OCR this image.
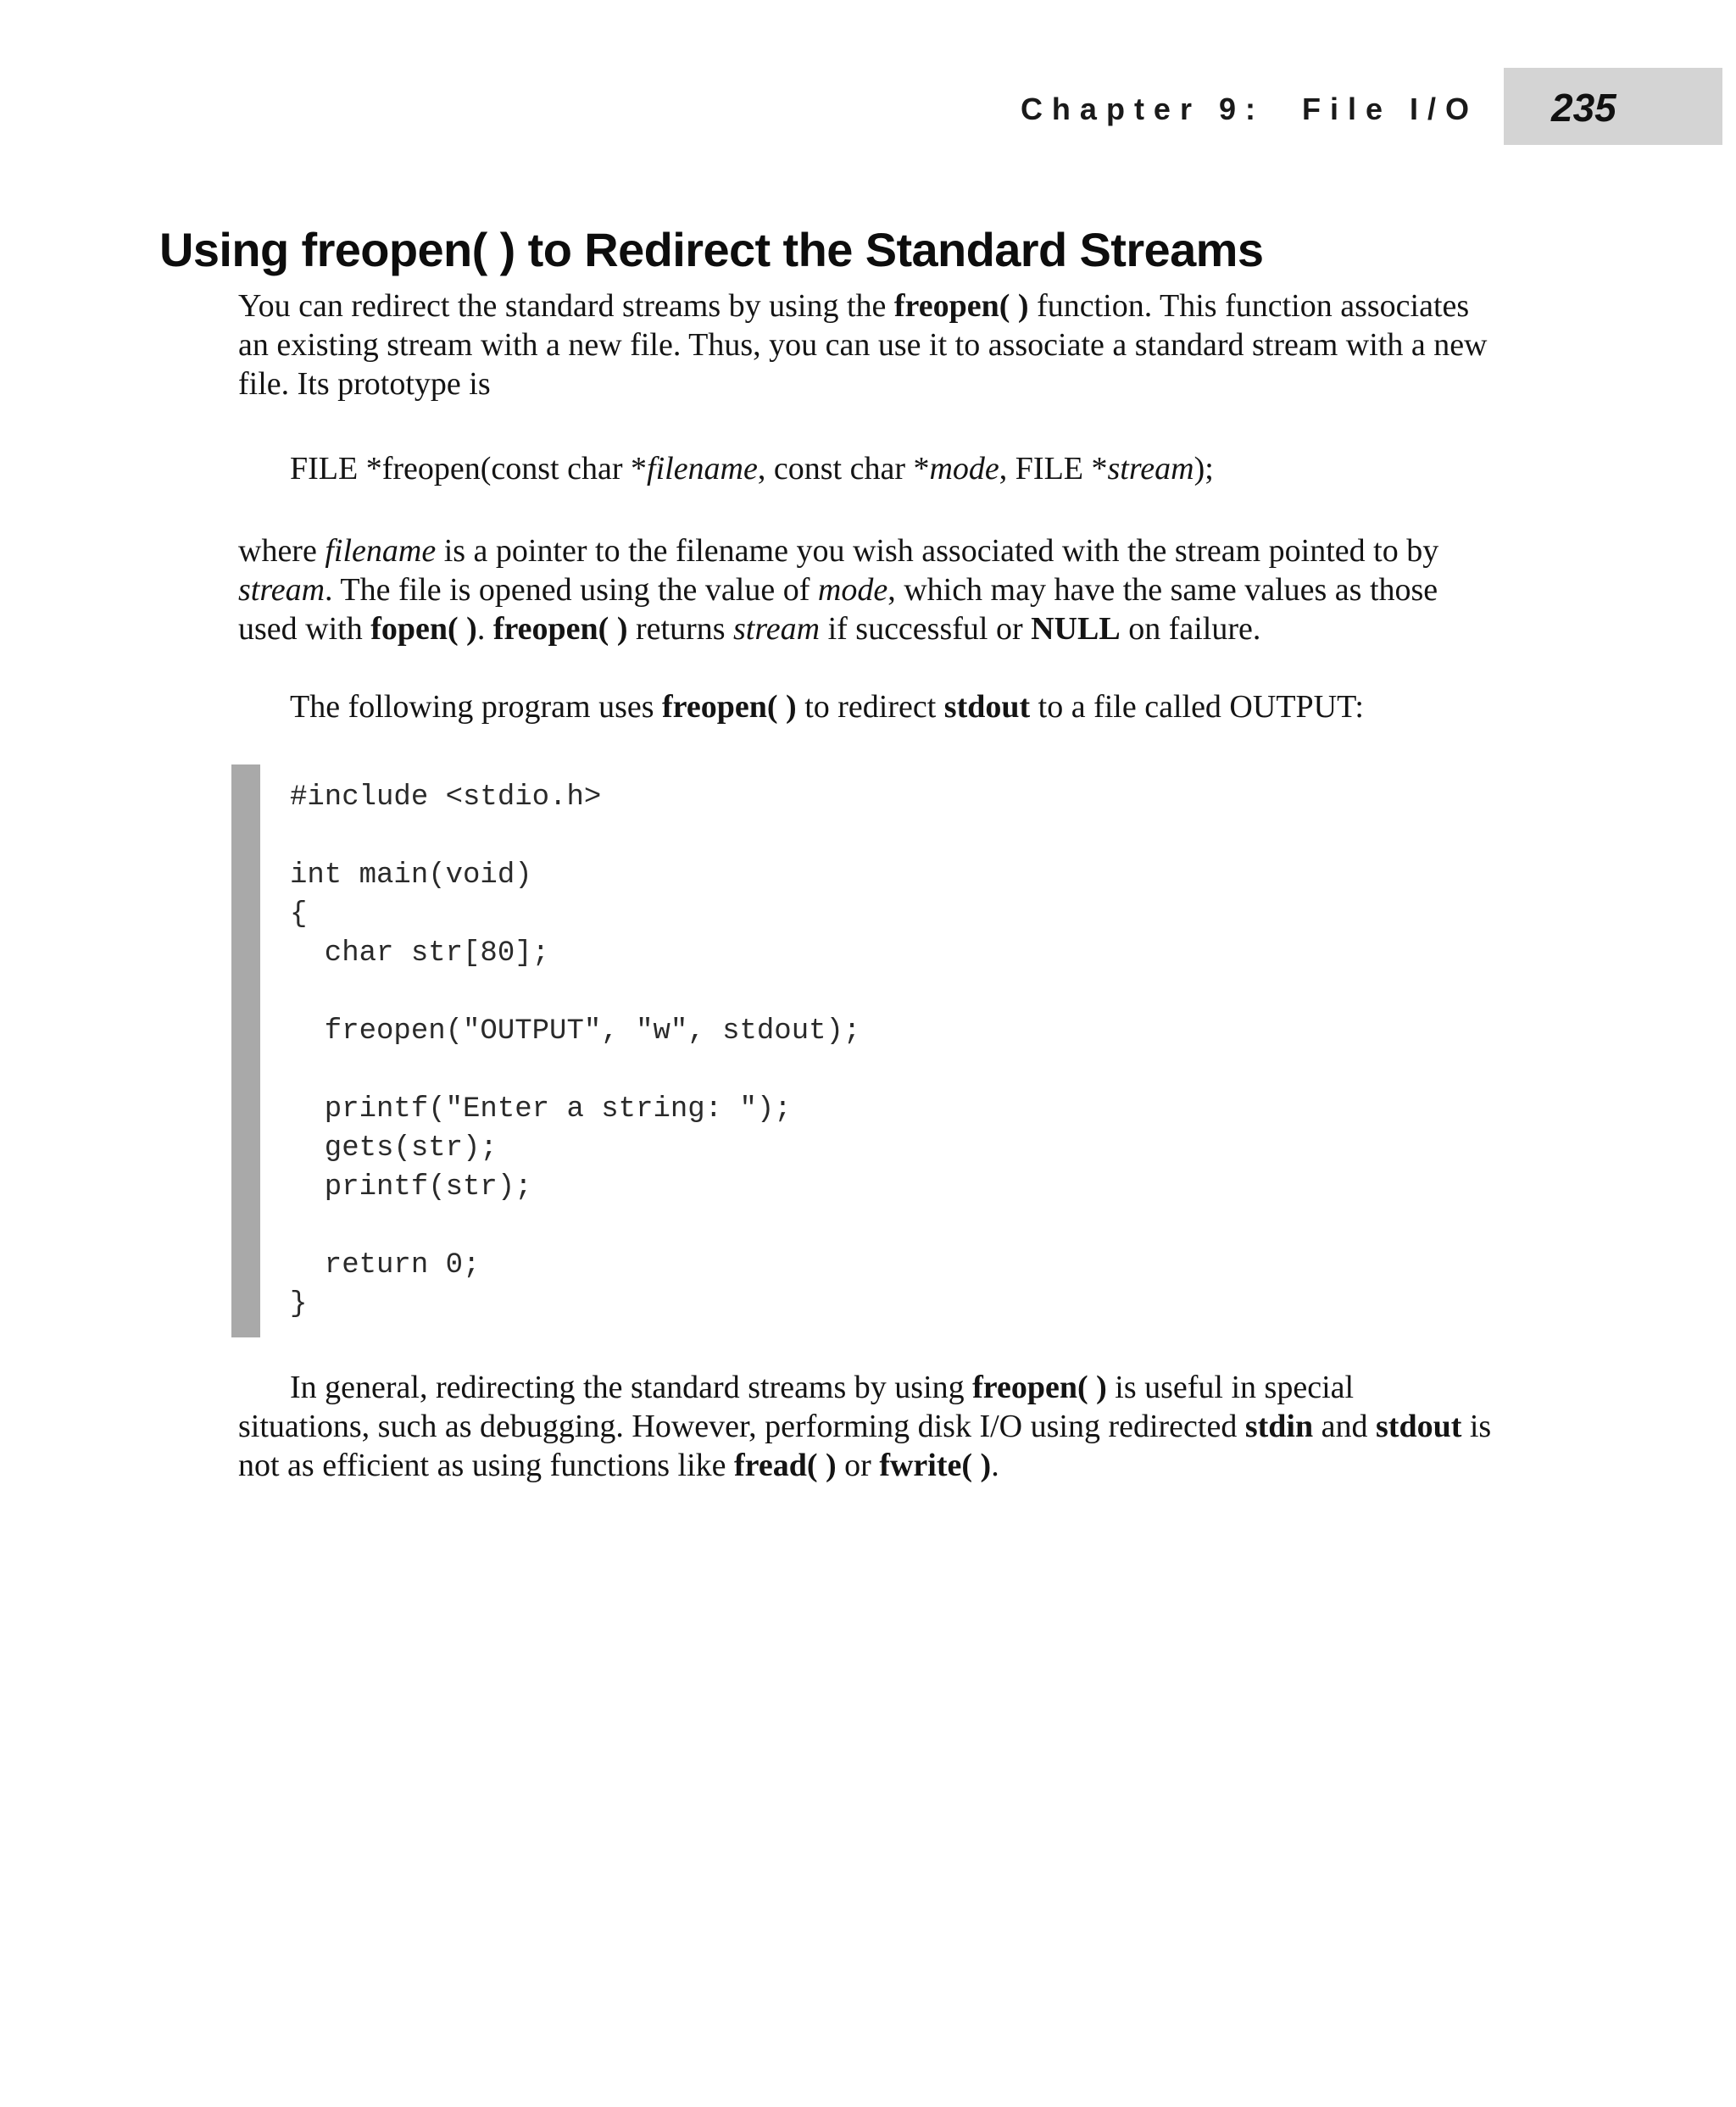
Chapter 9: File I/O 235
Using freopen( ) to Redirect the Standard Streams

You can redirect the standard streams by using the freopen( ) function. This function associates an existing stream with a new file. Thus, you can use it to associate a standard stream with a new file. Its prototype is

FILE *freopen(const char *filename, const char *mode, FILE *stream);

where filename is a pointer to the filename you wish associated with the stream pointed to by stream. The file is opened using the value of mode, which may have the same values as those used with fopen( ). freopen( ) returns stream if successful or NULL on failure.

The following program uses freopen( ) to redirect stdout to a file called OUTPUT:

#include <stdio.h>
int main(void)
{
char str[80];
freopen("OUTPUT", "w", stdout);
printf("Enter a string: ");
gets(str);
printf(str);
return 0;
}

In general, redirecting the standard streams by using freopen( ) is useful in special situations, such as debugging. However, performing disk I/O using redirected stdin and stdout is not as efficient as using functions like fread( ) or fwrite( ).
